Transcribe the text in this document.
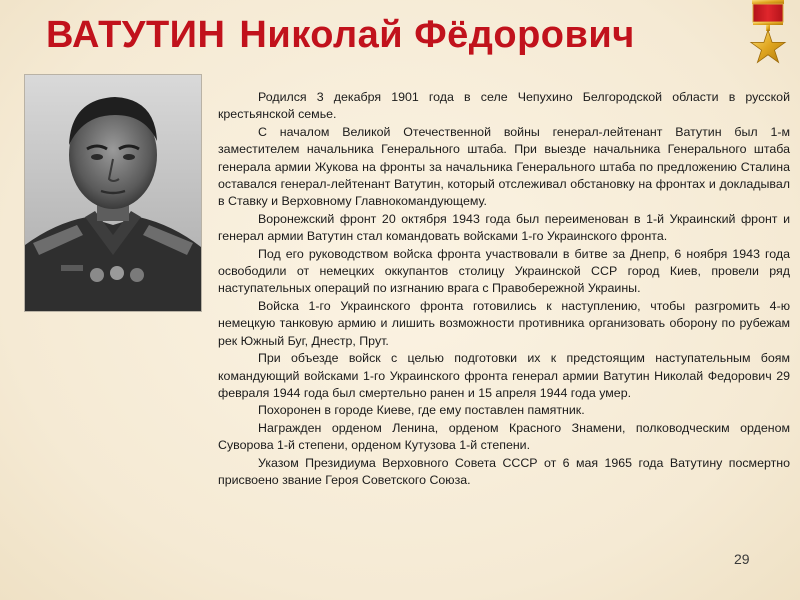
ВАТУТИН Николай Фёдорович

Родился 3 декабря 1901 года в селе Чепухино Белгородской области в русской крестьянской семье.

С началом Великой Отечественной войны генерал-лейтенант Ватутин был 1-м заместителем начальника Генерального штаба. При выезде начальника Генерального штаба генерала армии Жукова на фронты за начальника Генерального штаба по предложению Сталина оставался генерал-лейтенант Ватутин, который отслеживал обстановку на фронтах и докладывал в Ставку и Верховному Главнокомандующему.

Воронежский фронт 20 октября 1943 года был переименован в 1-й Украинский фронт и генерал армии Ватутин стал командовать войсками 1-го Украинского фронта.

Под его руководством войска фронта участвовали в битве за Днепр, 6 ноября 1943 года освободили от немецких оккупантов столицу Украинской ССР город Киев, провели ряд наступательных операций по изгнанию врага с Правобережной Украины.

Войска 1-го Украинского фронта готовились к наступлению, чтобы разгромить 4-ю немецкую танковую армию и лишить возможности противника организовать оборону по рубежам рек Южный Буг, Днестр, Прут.

При объезде войск с целью подготовки их к предстоящим наступательным боям командующий войсками 1-го Украинского фронта генерал армии Ватутин Николай Федорович 29 февраля 1944 года был смертельно ранен и 15 апреля 1944 года умер.

Похоронен в городе Киеве, где ему поставлен памятник.

Награжден орденом Ленина, орденом Красного Знамени, полководческим орденом Суворова 1-й степени, орденом Кутузова 1-й степени.

Указом Президиума Верховного Совета СССР от 6 мая 1965 года Ватутину посмертно присвоено звание Героя Советского Союза.

29
